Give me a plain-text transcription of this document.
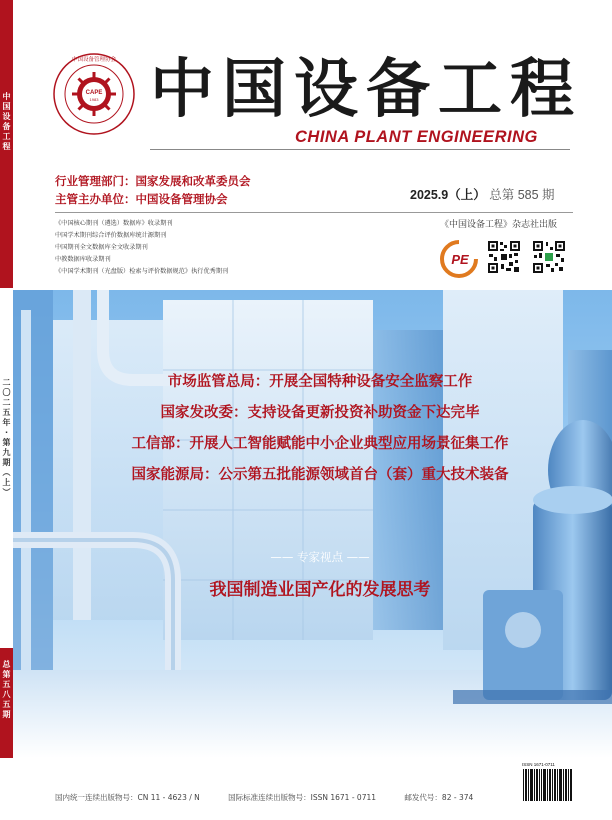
中
国
设
备
工
程
二
〇
二
五
年
·
第
九
期
︵
上
︶
总
第
五
八
五
期
CAPE
1983
中国设备管理协会 中国设备工程
CHINA PLANT ENGINEERING
行业管理部门：国家发展和改革委员会
主管主办单位：中国设备管理协会	2025.9（上） 总第 585 期
《中国核心期刊（遴选）数据库》收录期刊
中国学术期刊综合评价数据库统计源期刊
中国期刊全文数据库全文收录期刊
中教数据库收录期刊
《中国学术期刊（光盘版）检索与评价数据规范》执行优秀期刊
《中国设备工程》杂志社出版
PE
市场监管总局：开展全国特种设备安全监察工作
国家发改委：支持设备更新投资补助资金下达完毕
工信部：开展人工智能赋能中小企业典型应用场景征集工作
国家能源局：公示第五批能源领域首台（套）重大技术装备
—— 专家视点 ——
我国制造业国产化的发展思考
国内统一连续出版物号：CN 11 - 4623 / N	国际标准连续出版物号：ISSN 1671 - 0711	邮发代号：82 - 374
ISSN 1671-0711
